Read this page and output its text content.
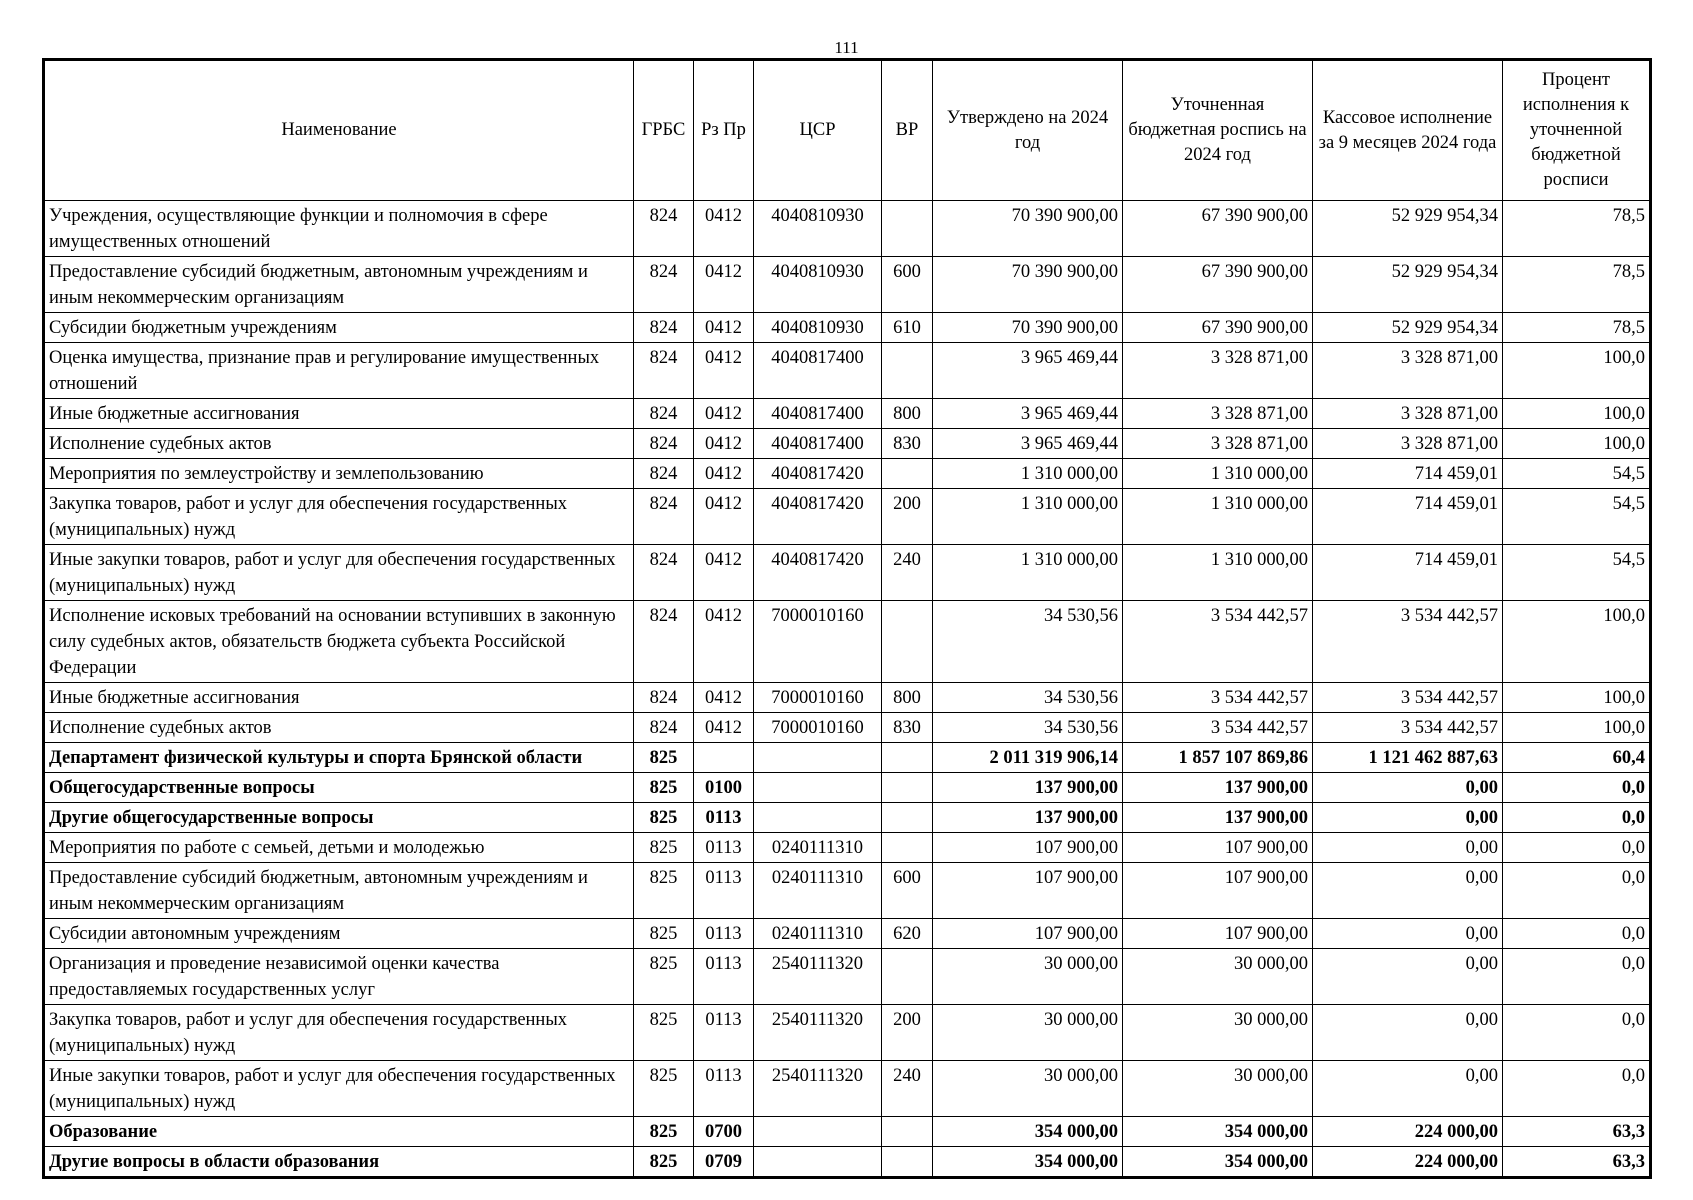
111
Наименование	ГРБС	Рз Пр	ЦСР	ВР	Утверждено на 2024 год	Уточненная бюджетная роспись на 2024 год	Кассовое исполнение за 9 месяцев 2024 года	Процент исполнения к уточненной бюджетной росписи
Учреждения, осуществляющие функции и полномочия в сфере имущественных отношений	824	0412	4040810930		70 390 900,00	67 390 900,00	52 929 954,34	78,5
Предоставление субсидий бюджетным, автономным учреждениям и иным некоммерческим организациям	824	0412	4040810930	600	70 390 900,00	67 390 900,00	52 929 954,34	78,5
Субсидии бюджетным учреждениям	824	0412	4040810930	610	70 390 900,00	67 390 900,00	52 929 954,34	78,5
Оценка имущества, признание прав и регулирование имущественных отношений	824	0412	4040817400		3 965 469,44	3 328 871,00	3 328 871,00	100,0
Иные бюджетные ассигнования	824	0412	4040817400	800	3 965 469,44	3 328 871,00	3 328 871,00	100,0
Исполнение судебных актов	824	0412	4040817400	830	3 965 469,44	3 328 871,00	3 328 871,00	100,0
Мероприятия по землеустройству и землепользованию	824	0412	4040817420		1 310 000,00	1 310 000,00	714 459,01	54,5
Закупка товаров, работ и услуг для обеспечения государственных (муниципальных) нужд	824	0412	4040817420	200	1 310 000,00	1 310 000,00	714 459,01	54,5
Иные закупки товаров, работ и услуг для обеспечения государственных (муниципальных) нужд	824	0412	4040817420	240	1 310 000,00	1 310 000,00	714 459,01	54,5
Исполнение исковых требований на основании вступивших в законную силу судебных актов, обязательств бюджета субъекта Российской Федерации	824	0412	7000010160		34 530,56	3 534 442,57	3 534 442,57	100,0
Иные бюджетные ассигнования	824	0412	7000010160	800	34 530,56	3 534 442,57	3 534 442,57	100,0
Исполнение судебных актов	824	0412	7000010160	830	34 530,56	3 534 442,57	3 534 442,57	100,0
Департамент физической культуры и спорта Брянской области	825				2 011 319 906,14	1 857 107 869,86	1 121 462 887,63	60,4
Общегосударственные вопросы	825	0100			137 900,00	137 900,00	0,00	0,0
Другие общегосударственные вопросы	825	0113			137 900,00	137 900,00	0,00	0,0
Мероприятия по работе с семьей, детьми и молодежью	825	0113	0240111310		107 900,00	107 900,00	0,00	0,0
Предоставление субсидий бюджетным, автономным учреждениям и иным некоммерческим организациям	825	0113	0240111310	600	107 900,00	107 900,00	0,00	0,0
Субсидии автономным учреждениям	825	0113	0240111310	620	107 900,00	107 900,00	0,00	0,0
Организация и проведение независимой оценки качества предоставляемых государственных услуг	825	0113	2540111320		30 000,00	30 000,00	0,00	0,0
Закупка товаров, работ и услуг для обеспечения государственных (муниципальных) нужд	825	0113	2540111320	200	30 000,00	30 000,00	0,00	0,0
Иные закупки товаров, работ и услуг для обеспечения государственных (муниципальных) нужд	825	0113	2540111320	240	30 000,00	30 000,00	0,00	0,0
Образование	825	0700			354 000,00	354 000,00	224 000,00	63,3
Другие вопросы в области образования	825	0709			354 000,00	354 000,00	224 000,00	63,3
